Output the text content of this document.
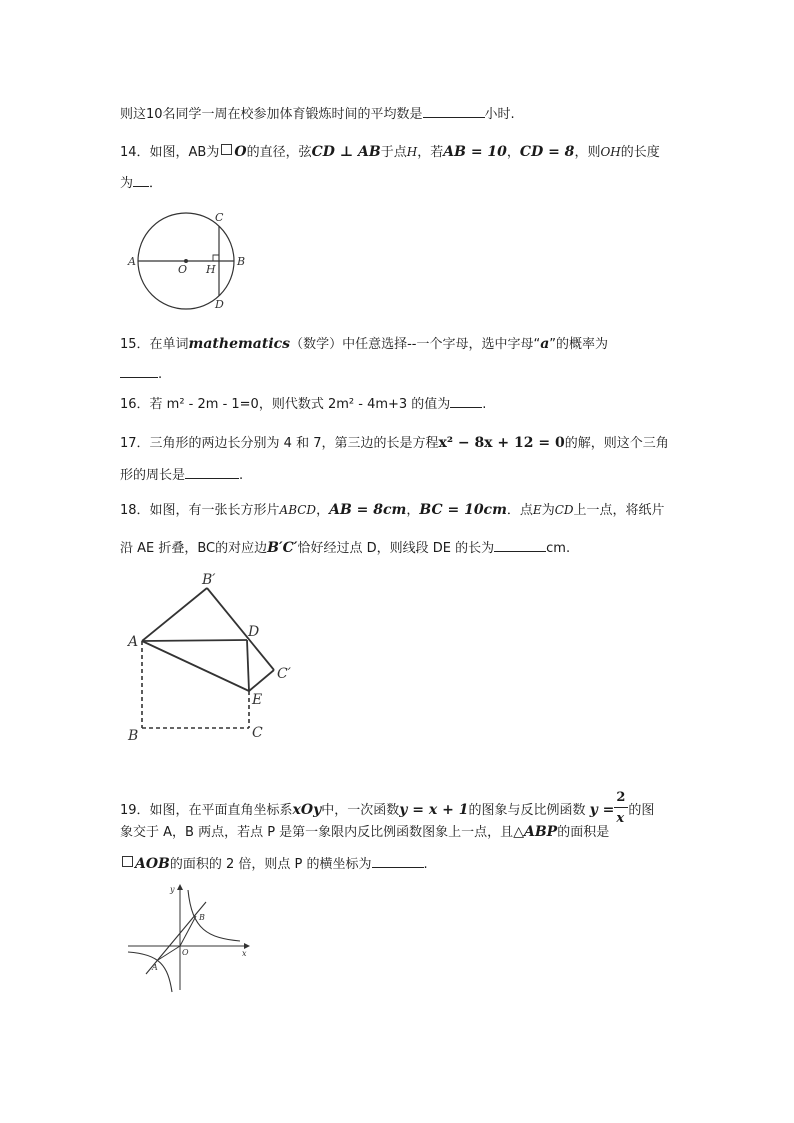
则这10名同学一周在校参加体育锻炼时间的平均数是	小时.
14．如图，AB为 O的直径，弦CD ⊥ AB于点H，若AB = 10，CD = 8，则OH的长度
为 ．
A
O H
B
C
D
15．在单词mathematics（数学）中任意选择--一个字母，选中字母“a”的概率为
.
16．若 m² - 2m - 1=0，则代数式 2m² - 4m+3 的值为 .
17．三角形的两边长分别为 4 和 7，第三边的长是方程x² − 8x + 12 = 0的解，则这个三角
形的周长是	.
18．如图，有一张长方形片ABCD，AB = 8cm，BC = 10cm．点E为CD上一点，将纸片
沿 AE 折叠，BC的对应边B′C′恰好经过点 D，则线段 DE 的长为	cm.
A
B′
D
C′
E
B	C
19．如图，在平面直角坐标系xOy中，一次函数y = x + 1的图象与反比例函数 $y = \frac{2}{x}$ 的图
象交于 A，B 两点，若点 P 是第一象限内反比例函数图象上一点，且△ABP的面积是
AOB的面积的 2 倍，则点 P 的横坐标为	.
y
x
O
A
B
